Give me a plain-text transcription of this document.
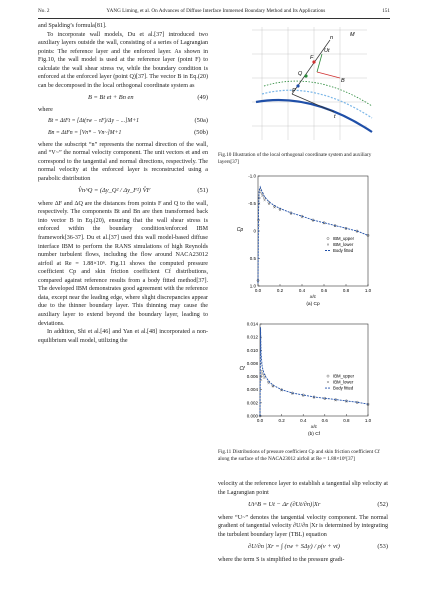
No. 2	YANG Liming, et al. On Advances of Diffuse Interface Immersed Boundary Method and Its Applications	151

and Spalding’s formula[81].

To incorporate wall models, Du et al.[37] introduced two auxiliary layers outside the wall, consisting of a series of Lagrangian points: The reference layer and the enforced layer. As shown in Fig.10, the wall model is used at the reference layer (point F) to calculate the wall shear stress τw, while the boundary condition is enforced at the enforced layer (point Q)[37]. The vector B in Eq.(20) can be decomposed in the local orthogonal coordinate system as

B = Bt et + Bn en	(49)

where

Bt = ΔtFt = [Δt(τw − τF)/Δy − ...]M+1	(50a)
Bn = ΔtFn = [Vn* − Vn~]M+1	(50b)

where the subscript “n” represents the normal direction of the wall, and “V~” the normal velocity component. The unit vectors et and en correspond to the tangential and normal directions, respectively. The normal velocity at the enforced layer is reconstructed using a parabolic distribution

V̂n^Q = (Δy_Q² / Δy_F²) V̂F	(51)

where ΔF and ΔQ are the distances from points F and Q to the wall, respectively. The components Bt and Bn are then transformed back into vector B in Eq.(20), ensuring that the wall shear stress is enforced within the boundary condition/enforced IBM framework[36-37]. Du et al.[37] used this wall model-based diffuse interface IBM to perform the RANS simulations of high Reynolds number turbulent flows, including the flow around NACA23012 airfoil at Re = 1.88×10⁶. Fig.11 shows the computed pressure coefficient Cp and skin friction coefficient Cf distributions, compared against reference results from a body fitted method[37]. The developed IBM demonstrates good agreement with the reference data, except near the leading edge, where slight discrepancies appear due to the thinner boundary layer. This thinning may cause the auxiliary layer to extend beyond the boundary layer, leading to deviations.

In addition, Shi et al.[46] and Yan et al.[48] incorporated a non-equilibrium wall model, utilizing the

n
F
Q
P
t
B
Ut
M
Fig.10 Illustration of the local orthogonal coordinate system and auxiliary layers[37]
0.0	0.2	0.4	0.6	0.8	1.0
-1.0
-0.5
0
0.5
1.0
x/c
Cp
(a) Cp
IBM_upper
IBM_lower
Body fitted
0.0	0.2	0.4	0.6	0.8	1.0
0.000
0.002
0.004
0.006
0.008
0.010
0.012
0.014
x/c
Cf
(b) Cf
IBM_upper
IBM_lower
Body fitted
Fig.11 Distributions of pressure coefficient Cp and skin friction coefficient Cf along the surface of the NACA23012 airfoil at Re = 1.88×10⁶[37]

velocity at the reference layer to establish a tangential slip velocity at the Lagrangian point

Ut^B = Ut − Δr (∂Ut/∂n)|Xr	(52)

where “U~” denotes the tangential velocity component. The normal gradient of tangential velocity ∂U/∂n |Xr is determined by integrating the turbulent boundary layer (TBL) equation

∂U/∂n |Xr = ∫ (τw + SΔy) / ρ(ν + νt)	(53)

where the term S is simplified to the pressure gradi-
